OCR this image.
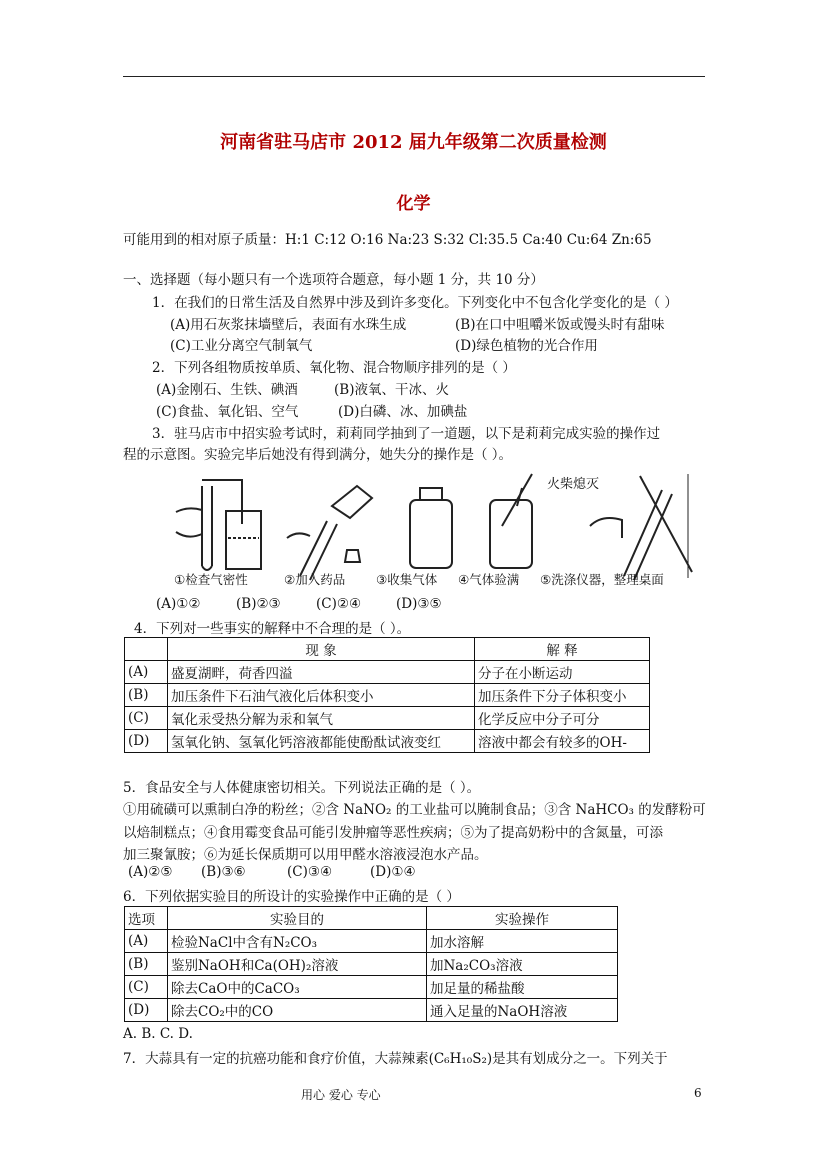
河南省驻马店市 2012 届九年级第二次质量检测
化学
可能用到的相对原子质量：H:1 C:12 O:16 Na:23 S:32 Cl:35.5 Ca:40 Cu:64 Zn:65
一、选择题（每小题只有一个选项符合题意，每小题 1 分，共 10 分）
1．在我们的日常生活及自然界中涉及到许多变化。下列变化中不包含化学变化的是（ ）
(A)用石灰浆抹墙壁后，表面有水珠生成	(B)在口中咀嚼米饭或馒头时有甜味
(C)工业分离空气制氧气	(D)绿色植物的光合作用
2．下列各组物质按单质、氧化物、混合物顺序排列的是（ ）
(A)金刚石、生铁、碘酒	(B)液氧、干冰、火
(C)食盐、氧化铝、空气	(D)白磷、冰、加碘盐
3．驻马店市中招实验考试时，莉莉同学抽到了一道题，以下是莉莉完成实验的操作过
程的示意图。实验完毕后她没有得到满分，她失分的操作是（ ）。
火柴熄灭
①检查气密性	②加入药品 ③收集气体 ④气体验满 ⑤洗涤仪器，整理桌面
(A)①②	(B)②③	(C)②④	(D)③⑤
4．下列对一些事实的解释中不合理的是（ ）。
	现 象	解 释
(A)	盛夏湖畔，荷香四溢	分子在小断运动
(B)	加压条件下石油气液化后体积变小	加压条件下分子体积变小
(C)	氧化汞受热分解为汞和氧气	化学反应中分子可分
(D)	氢氧化钠、氢氧化钙溶液都能使酚酞试液变红	溶液中都会有较多的OH-
5．食品安全与人体健康密切相关。下列说法正确的是（ ）。
①用硫磺可以熏制白净的粉丝；②含 NaNO₂ 的工业盐可以腌制食品；③含 NaHCO₃ 的发酵粉可
以焙制糕点；④食用霉变食品可能引发肿瘤等恶性疾病；⑤为了提高奶粉中的含氮量，可添
加三聚氰胺；⑥为延长保质期可以用甲醛水溶液浸泡水产品。
(A)②⑤ (B)③⑥	(C)③④	(D)①④
6．下列依据实验目的所设计的实验操作中正确的是（ ）
选项	实验目的	实验操作
(A)	检验NaCl中含有N₂CO₃	加水溶解
(B)	鉴别NaOH和Ca(OH)₂溶液	加Na₂CO₃溶液
(C)	除去CaO中的CaCO₃	加足量的稀盐酸
(D)	除去CO₂中的CO	通入足量的NaOH溶液
A. B. C. D.
7．大蒜具有一定的抗癌功能和食疗价值，大蒜辣素(C₆H₁₀S₂)是其有划成分之一。下列关于
用心 爱心 专心	6
